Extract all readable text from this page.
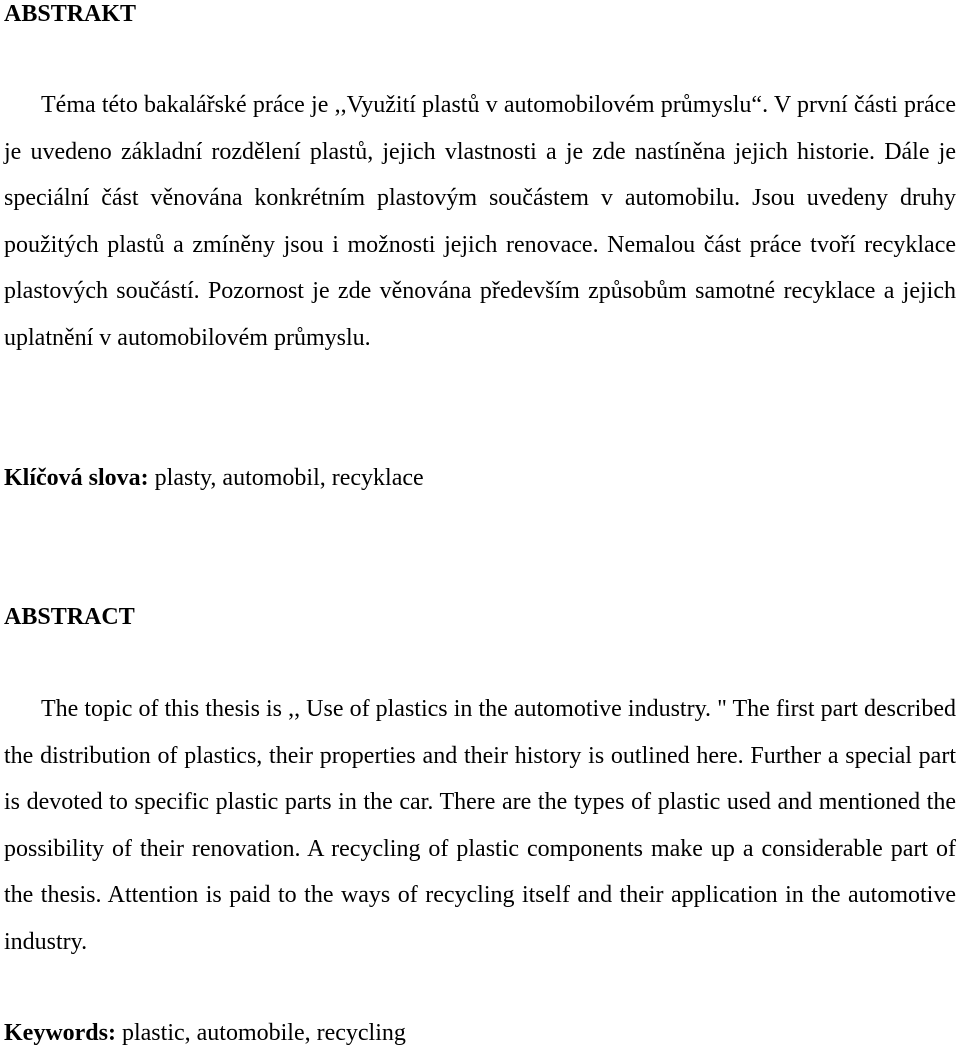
ABSTRAKT

Téma této bakalářské práce je ,,Využití plastů v automobilovém průmyslu“. V první části práce je uvedeno základní rozdělení plastů, jejich vlastnosti a je zde nastíněna jejich historie. Dále je speciální část věnována konkrétním plastovým součástem v automobilu. Jsou uvedeny druhy použitých plastů a zmíněny jsou i možnosti jejich renovace. Nemalou část práce tvoří recyklace plastových součástí. Pozornost je zde věnována především způsobům samotné recyklace a jejich uplatnění v automobilovém průmyslu.

Klíčová slova: plasty, automobil, recyklace

ABSTRACT

The topic of this thesis is ,, Use of plastics in the automotive industry. " The first part described the distribution of plastics, their properties and their history is outlined here. Further a special part is devoted to specific plastic parts in the car. There are the types of plastic used and mentioned the possibility of their renovation. A recycling of plastic components make up a considerable part of the thesis. Attention is paid to the ways of recycling itself and their application in the automotive industry.

Keywords: plastic, automobile, recycling
